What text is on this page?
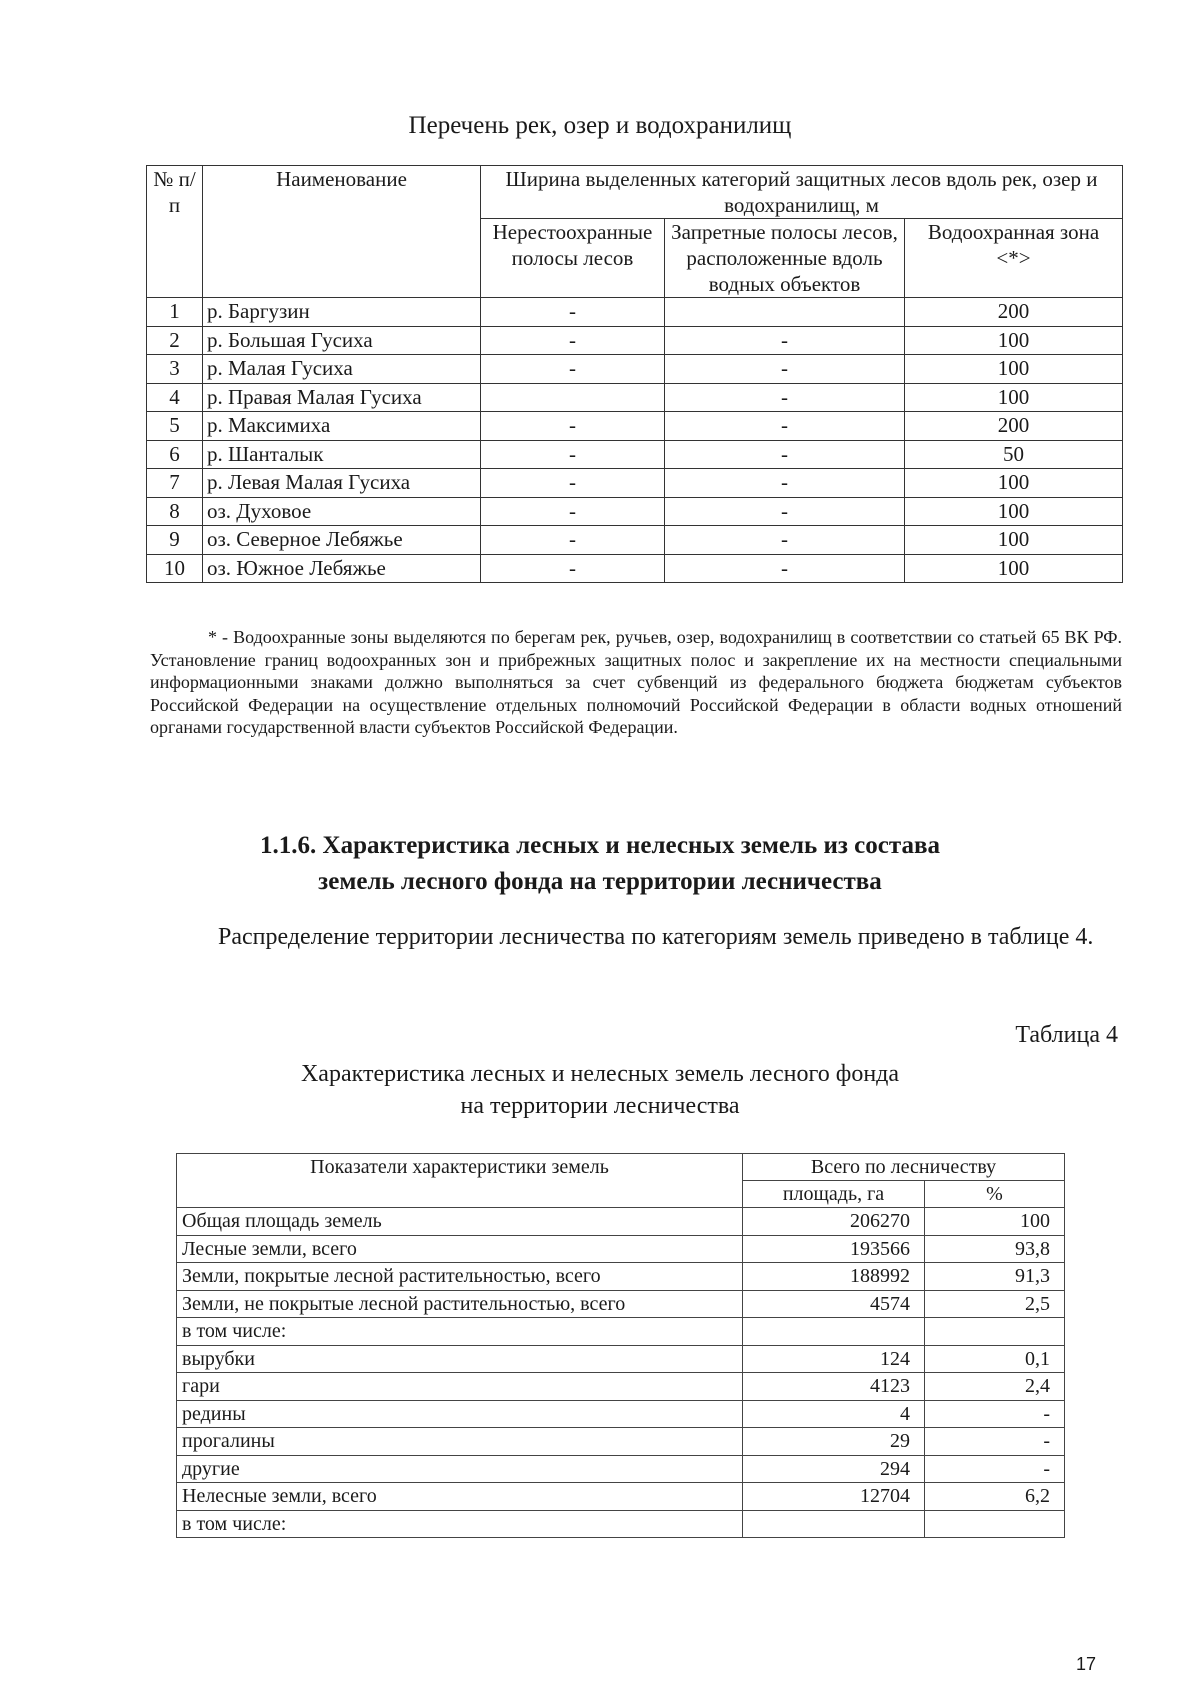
Перечень рек, озер и водохранилищ
№ п/п	Наименование	Ширина выделенных категорий защитных лесов вдоль рек, озер и водохранилищ, м		
		Нерестоохранные полосы лесов	Запретные полосы лесов, расположенные вдоль водных объектов	Водоохранная зона <*>
1	р. Баргузин	-		200
2	р. Большая Гусиха	-	-	100
3	р. Малая Гусиха	-	-	100
4	р. Правая Малая Гусиха		-	100
5	р. Максимиха	-	-	200
6	р. Шанталык	-	-	50
7	р. Левая Малая Гусиха	-	-	100
8	оз. Духовое	-	-	100
9	оз. Северное Лебяжье	-	-	100
10	оз. Южное Лебяжье	-	-	100
* - Водоохранные зоны выделяются по берегам рек, ручьев, озер, водохранилищ в соответствии со статьей 65 ВК РФ. Установление границ водоохранных зон и прибрежных защитных полос и закрепление их на местности специальными информационными знаками должно выполняться за счет субвенций из федерального бюджета бюджетам субъектов Российской Федерации на осуществление отдельных полномочий Российской Федерации в области водных отношений органами государственной власти субъектов Российской Федерации.
1.1.6. Характеристика лесных и нелесных земель из состава
земель лесного фонда на территории лесничества
Распределение территории лесничества по категориям земель приведено в таблице 4.
Таблица 4
Характеристика лесных и нелесных земель лесного фонда
на территории лесничества
Показатели характеристики земель	Всего по лесничеству	
	площадь, га	%
Общая площадь земель	206270	100
Лесные земли, всего	193566	93,8
Земли, покрытые лесной растительностью, всего	188992	91,3
Земли, не покрытые лесной растительностью, всего	4574	2,5
в том числе:		
вырубки	124	0,1
гари	4123	2,4
редины	4	-
прогалины	29	-
другие	294	-
Нелесные земли, всего	12704	6,2
в том числе:		
17
